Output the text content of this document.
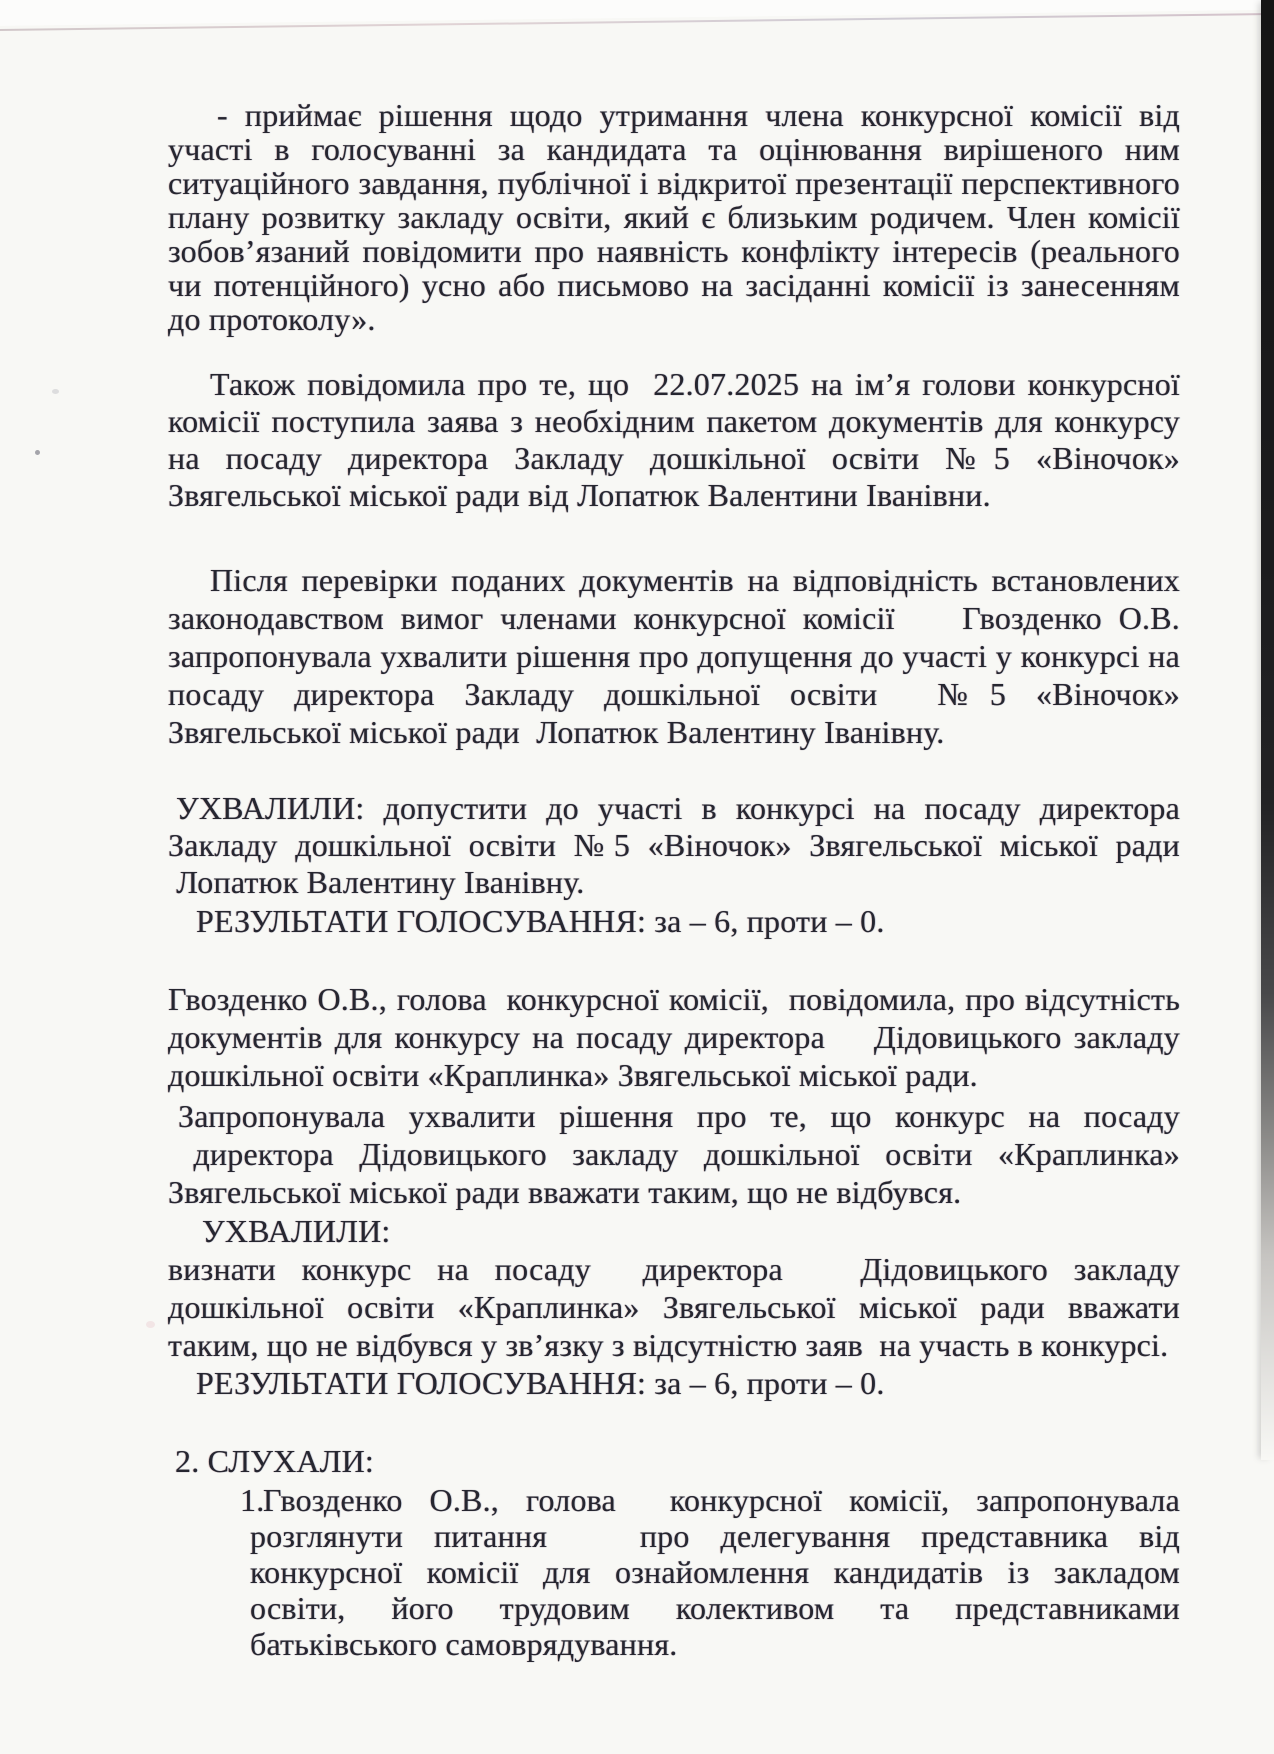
- приймає рішення щодо утримання члена конкурсної комісії від участі в голосуванні за кандидата та оцінювання вирішеного ним ситуаційного завдання, публічної і відкритої презентації перспективного плану розвитку закладу освіти, який є близьким родичем. Член комісії зобов’язаний повідомити про наявність конфлікту інтересів (реального чи потенційного) усно або письмово на засіданні комісії із занесенням до протоколу».

Також повідомила про те, що  22.07.2025 на ім’я голови конкурсної комісії поступила заява з необхідним пакетом документів для конкурсу на посаду директора Закладу дошкільної освіти №5 «Віночок» Звягельської міської ради від Лопатюк Валентини Іванівни.

Після перевірки поданих документів на відповідність встановлених законодавством вимог членами конкурсної комісії    Гвозденко О.В. запропонувала ухвалити рішення про допущення до участі у конкурсі на посаду директора Закладу дошкільної освіти  №5 «Віночок» Звягельської міської ради  Лопатюк Валентину Іванівну.

УХВАЛИЛИ: допустити до участі в конкурсі на посаду директора Закладу дошкільної освіти №5 «Віночок» Звягельської міської ради  Лопатюк Валентину Іванівну.

РЕЗУЛЬТАТИ ГОЛОСУВАННЯ: за – 6, проти – 0.

Гвозденко О.В., голова  конкурсної комісії,  повідомила, про відсутність документів для конкурсу на посаду директора    Дідовицького закладу дошкільної освіти «Краплинка» Звягельської міської ради.

Запропонувала ухвалити рішення про те, що конкурс на посаду  директора Дідовицького закладу дошкільної освіти «Краплинка» Звягельської міської ради вважати таким, що не відбувся.

УХВАЛИЛИ:

визнати конкурс на посаду  директора   Дідовицького закладу дошкільної освіти «Краплинка» Звягельської міської ради вважати таким, що не відбувся у зв’язку з відсутністю заяв  на участь в конкурсі.

РЕЗУЛЬТАТИ ГОЛОСУВАННЯ: за – 6, проти – 0.

2. СЛУХАЛИ:

1.
Гвозденко О.В., голова  конкурсної комісії, запропонувала розглянути питання   про делегування представника від конкурсної комісії для ознайомлення кандидатів із закладом освіти, його трудовим колективом та представниками батьківського самоврядування.
